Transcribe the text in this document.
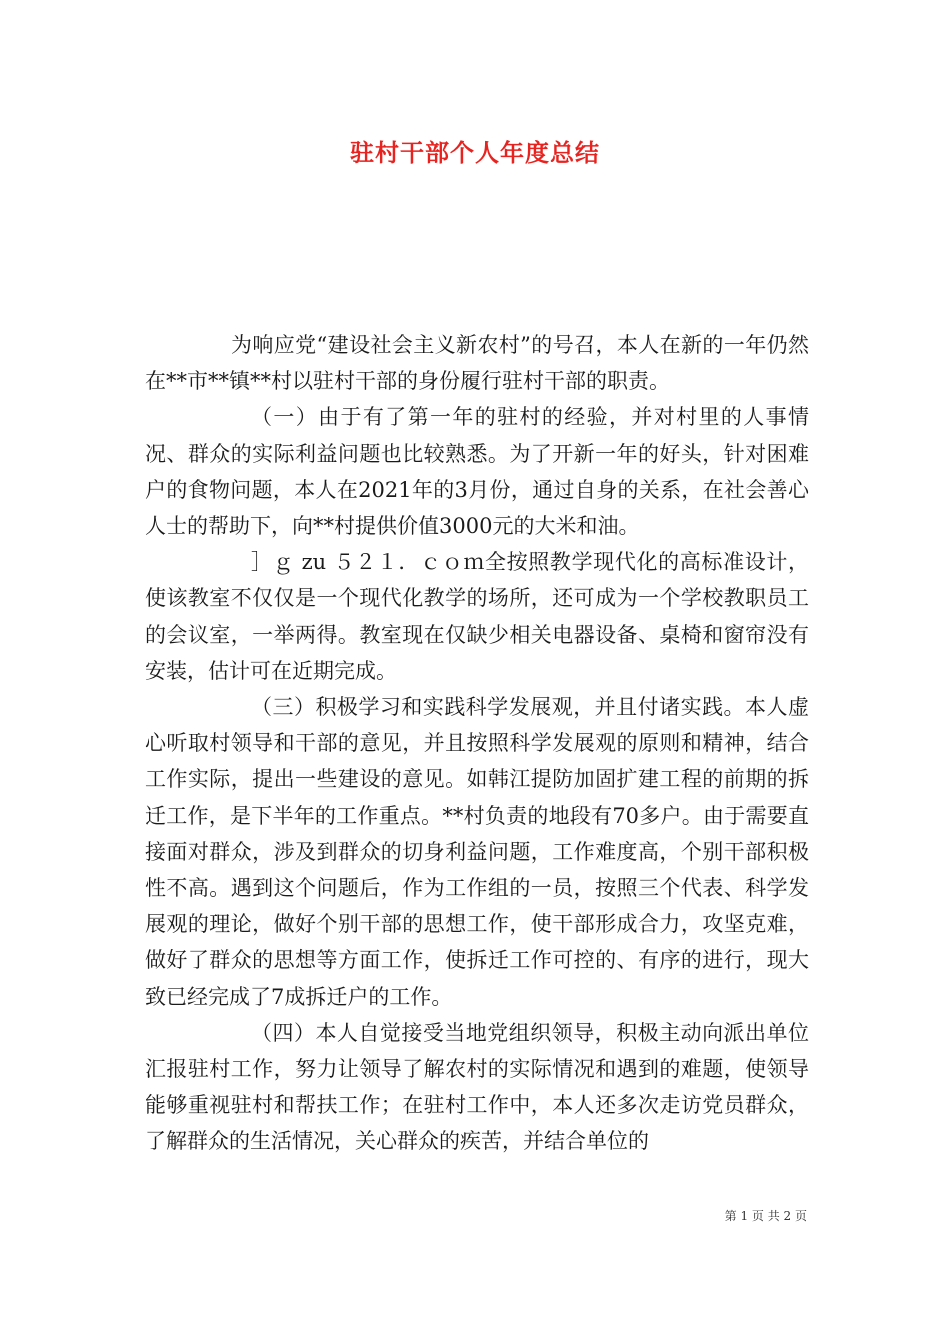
驻村干部个人年度总结

为响应党“建设社会主义新农村”的号召，本人在新的一年仍然在**市**镇**村以驻村干部的身份履行驻村干部的职责。

（一）由于有了第一年的驻村的经验，并对村里的人事情况、群众的实际利益问题也比较熟悉。为了开新一年的好头，针对困难户的食物问题，本人在2021年的3月份，通过自身的关系，在社会善心人士的帮助下，向**村提供价值3000元的大米和油。

］ｇ zu ５２１．ｃｏｍ全按照教学现代化的高标准设计，使该教室不仅仅是一个现代化教学的场所，还可成为一个学校教职员工的会议室，一举两得。教室现在仅缺少相关电器设备、桌椅和窗帘没有安装，估计可在近期完成。

（三）积极学习和实践科学发展观，并且付诸实践。本人虚心听取村领导和干部的意见，并且按照科学发展观的原则和精神，结合工作实际，提出一些建设的意见。如韩江提防加固扩建工程的前期的拆迁工作，是下半年的工作重点。**村负责的地段有70多户。由于需要直接面对群众，涉及到群众的切身利益问题，工作难度高，个别干部积极性不高。遇到这个问题后，作为工作组的一员，按照三个代表、科学发展观的理论，做好个别干部的思想工作，使干部形成合力，攻坚克难，做好了群众的思想等方面工作，使拆迁工作可控的、有序的进行，现大致已经完成了7成拆迁户的工作。

（四）本人自觉接受当地党组织领导，积极主动向派出单位汇报驻村工作，努力让领导了解农村的实际情况和遇到的难题，使领导能够重视驻村和帮扶工作；在驻村工作中，本人还多次走访党员群众，了解群众的生活情况，关心群众的疾苦，并结合单位的

第 1 页 共 2 页
